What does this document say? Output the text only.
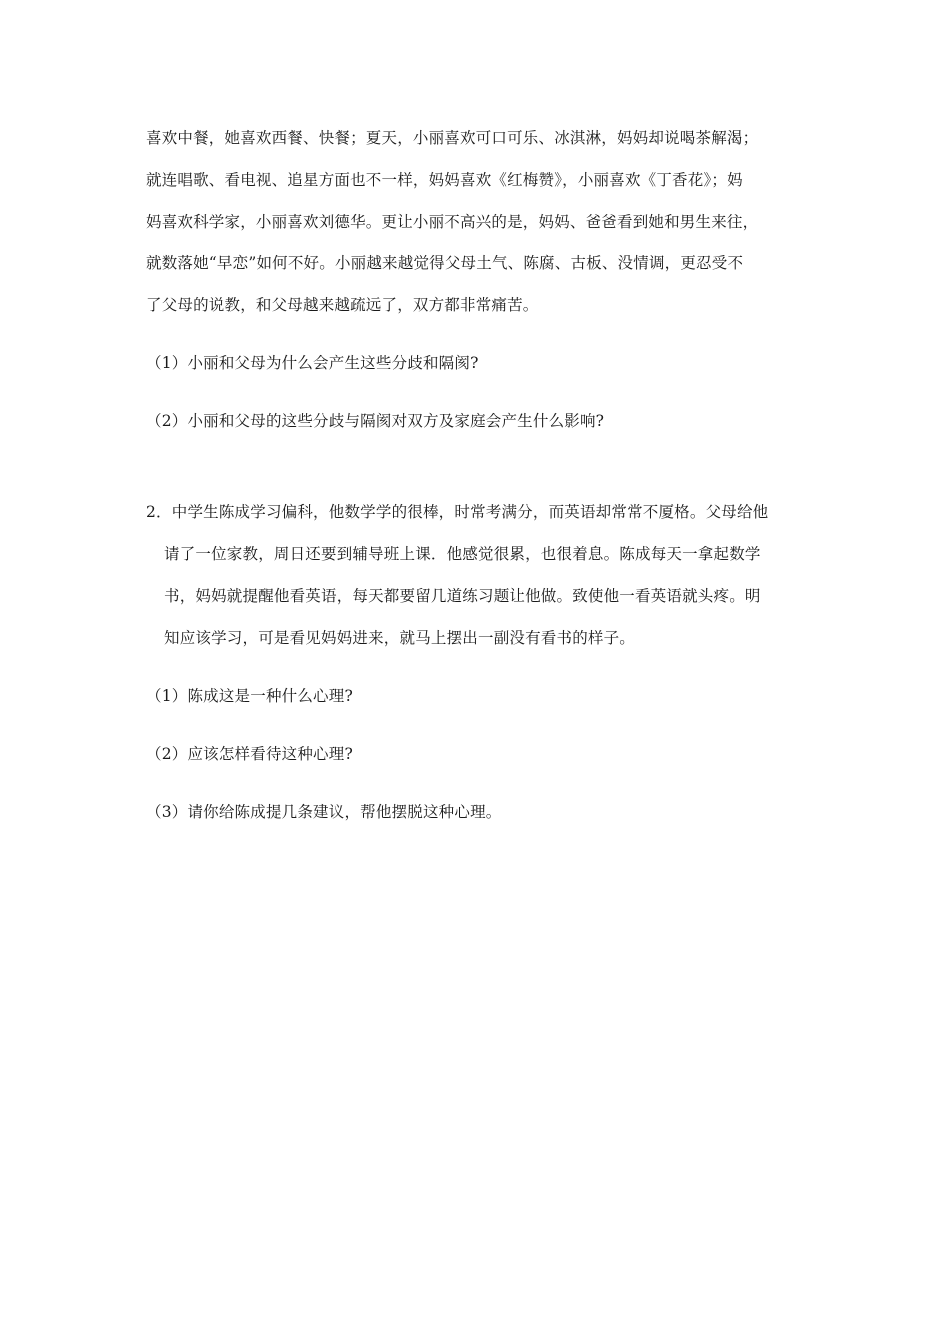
喜欢中餐，她喜欢西餐、快餐；夏天，小丽喜欢可口可乐、冰淇淋，妈妈却说喝茶解渴；
就连唱歌、看电视、追星方面也不一样，妈妈喜欢《红梅赞》，小丽喜欢《丁香花》；妈
妈喜欢科学家，小丽喜欢刘德华。更让小丽不高兴的是，妈妈、爸爸看到她和男生来往，
就数落她“早恋”如何不好。小丽越来越觉得父母土气、陈腐、古板、没情调，更忍受不
了父母的说教，和父母越来越疏远了，双方都非常痛苦。
（1）小丽和父母为什么会产生这些分歧和隔阂?
（2）小丽和父母的这些分歧与隔阂对双方及家庭会产生什么影响?
2．中学生陈成学习偏科，他数学学的很棒，时常考满分，而英语却常常不厦格。父母给他
请了一位家教，周日还要到辅导班上课．他感觉很累，也很着息。陈成每天一拿起数学
书，妈妈就提醒他看英语，每天都要留几道练习题让他做。致使他一看英语就头疼。明
知应该学习，可是看见妈妈进来，就马上摆出一副没有看书的样子。
（1）陈成这是一种什么心理?
（2）应该怎样看待这种心理?
（3）请你给陈成提几条建议，帮他摆脱这种心理。
